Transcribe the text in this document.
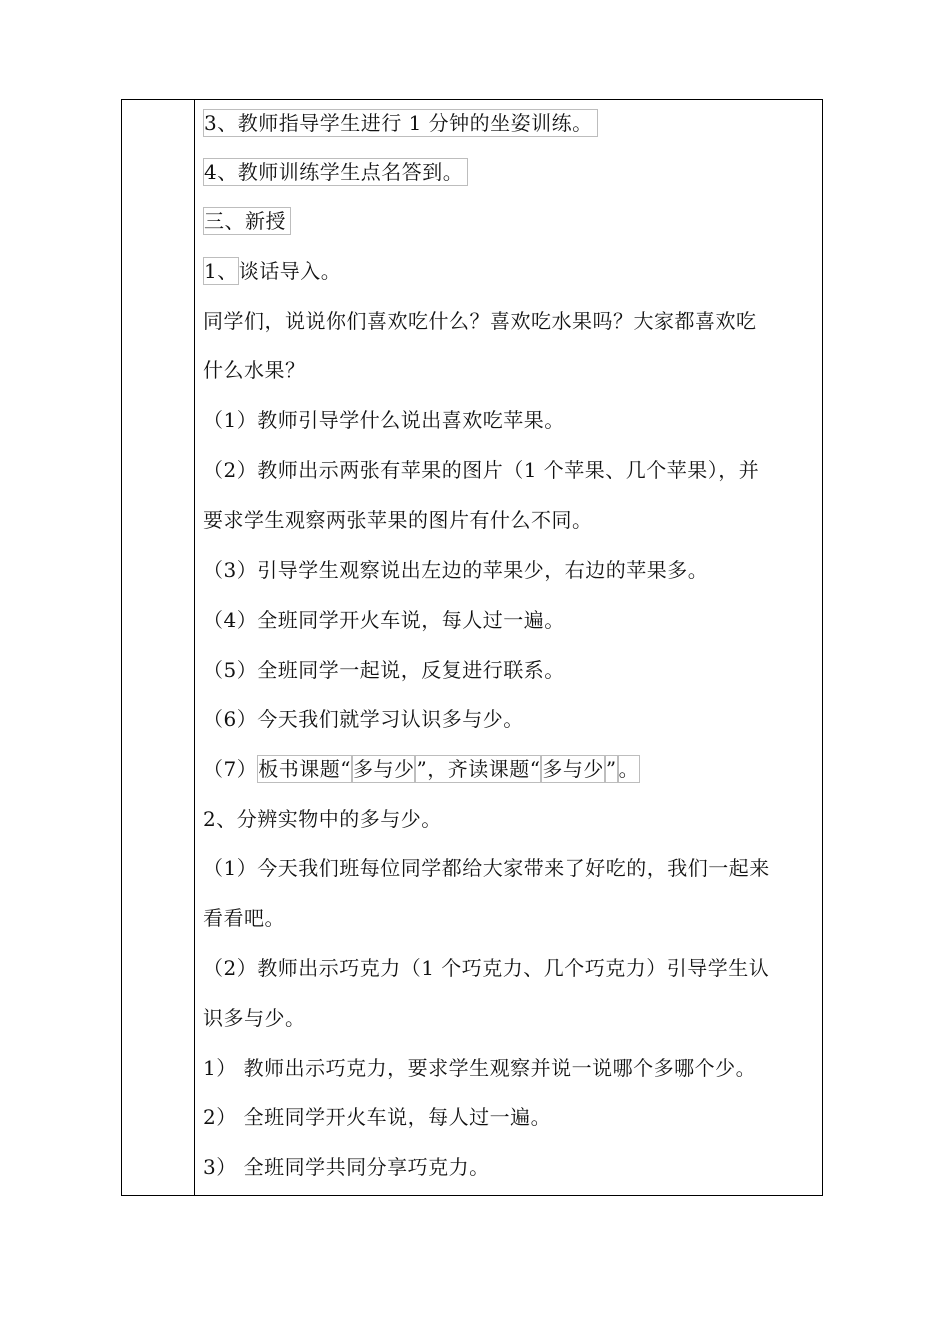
3、教师指导学生进行 1 分钟的坐姿训练。
4、教师训练学生点名答到。
三、新授
1、谈话导入。
同学们，说说你们喜欢吃什么？喜欢吃水果吗？大家都喜欢吃
什么水果？
（1）教师引导学什么说出喜欢吃苹果。
（2）教师出示两张有苹果的图片（1 个苹果、几个苹果），并
要求学生观察两张苹果的图片有什么不同。
（3）引导学生观察说出左边的苹果少，右边的苹果多。
（4）全班同学开火车说，每人过一遍。
（5）全班同学一起说，反复进行联系。
（6）今天我们就学习认识多与少。
（7）板书课题“ 多与少 ”，齐读课题“ 多与少 ” 。
2、分辨实物中的多与少。
（1）今天我们班每位同学都给大家带来了好吃的，我们一起来
看看吧。
（2）教师出示巧克力（1 个巧克力、几个巧克力）引导学生认
识多与少。
1） 教师出示巧克力，要求学生观察并说一说哪个多哪个少。
2） 全班同学开火车说，每人过一遍。
3） 全班同学共同分享巧克力。
